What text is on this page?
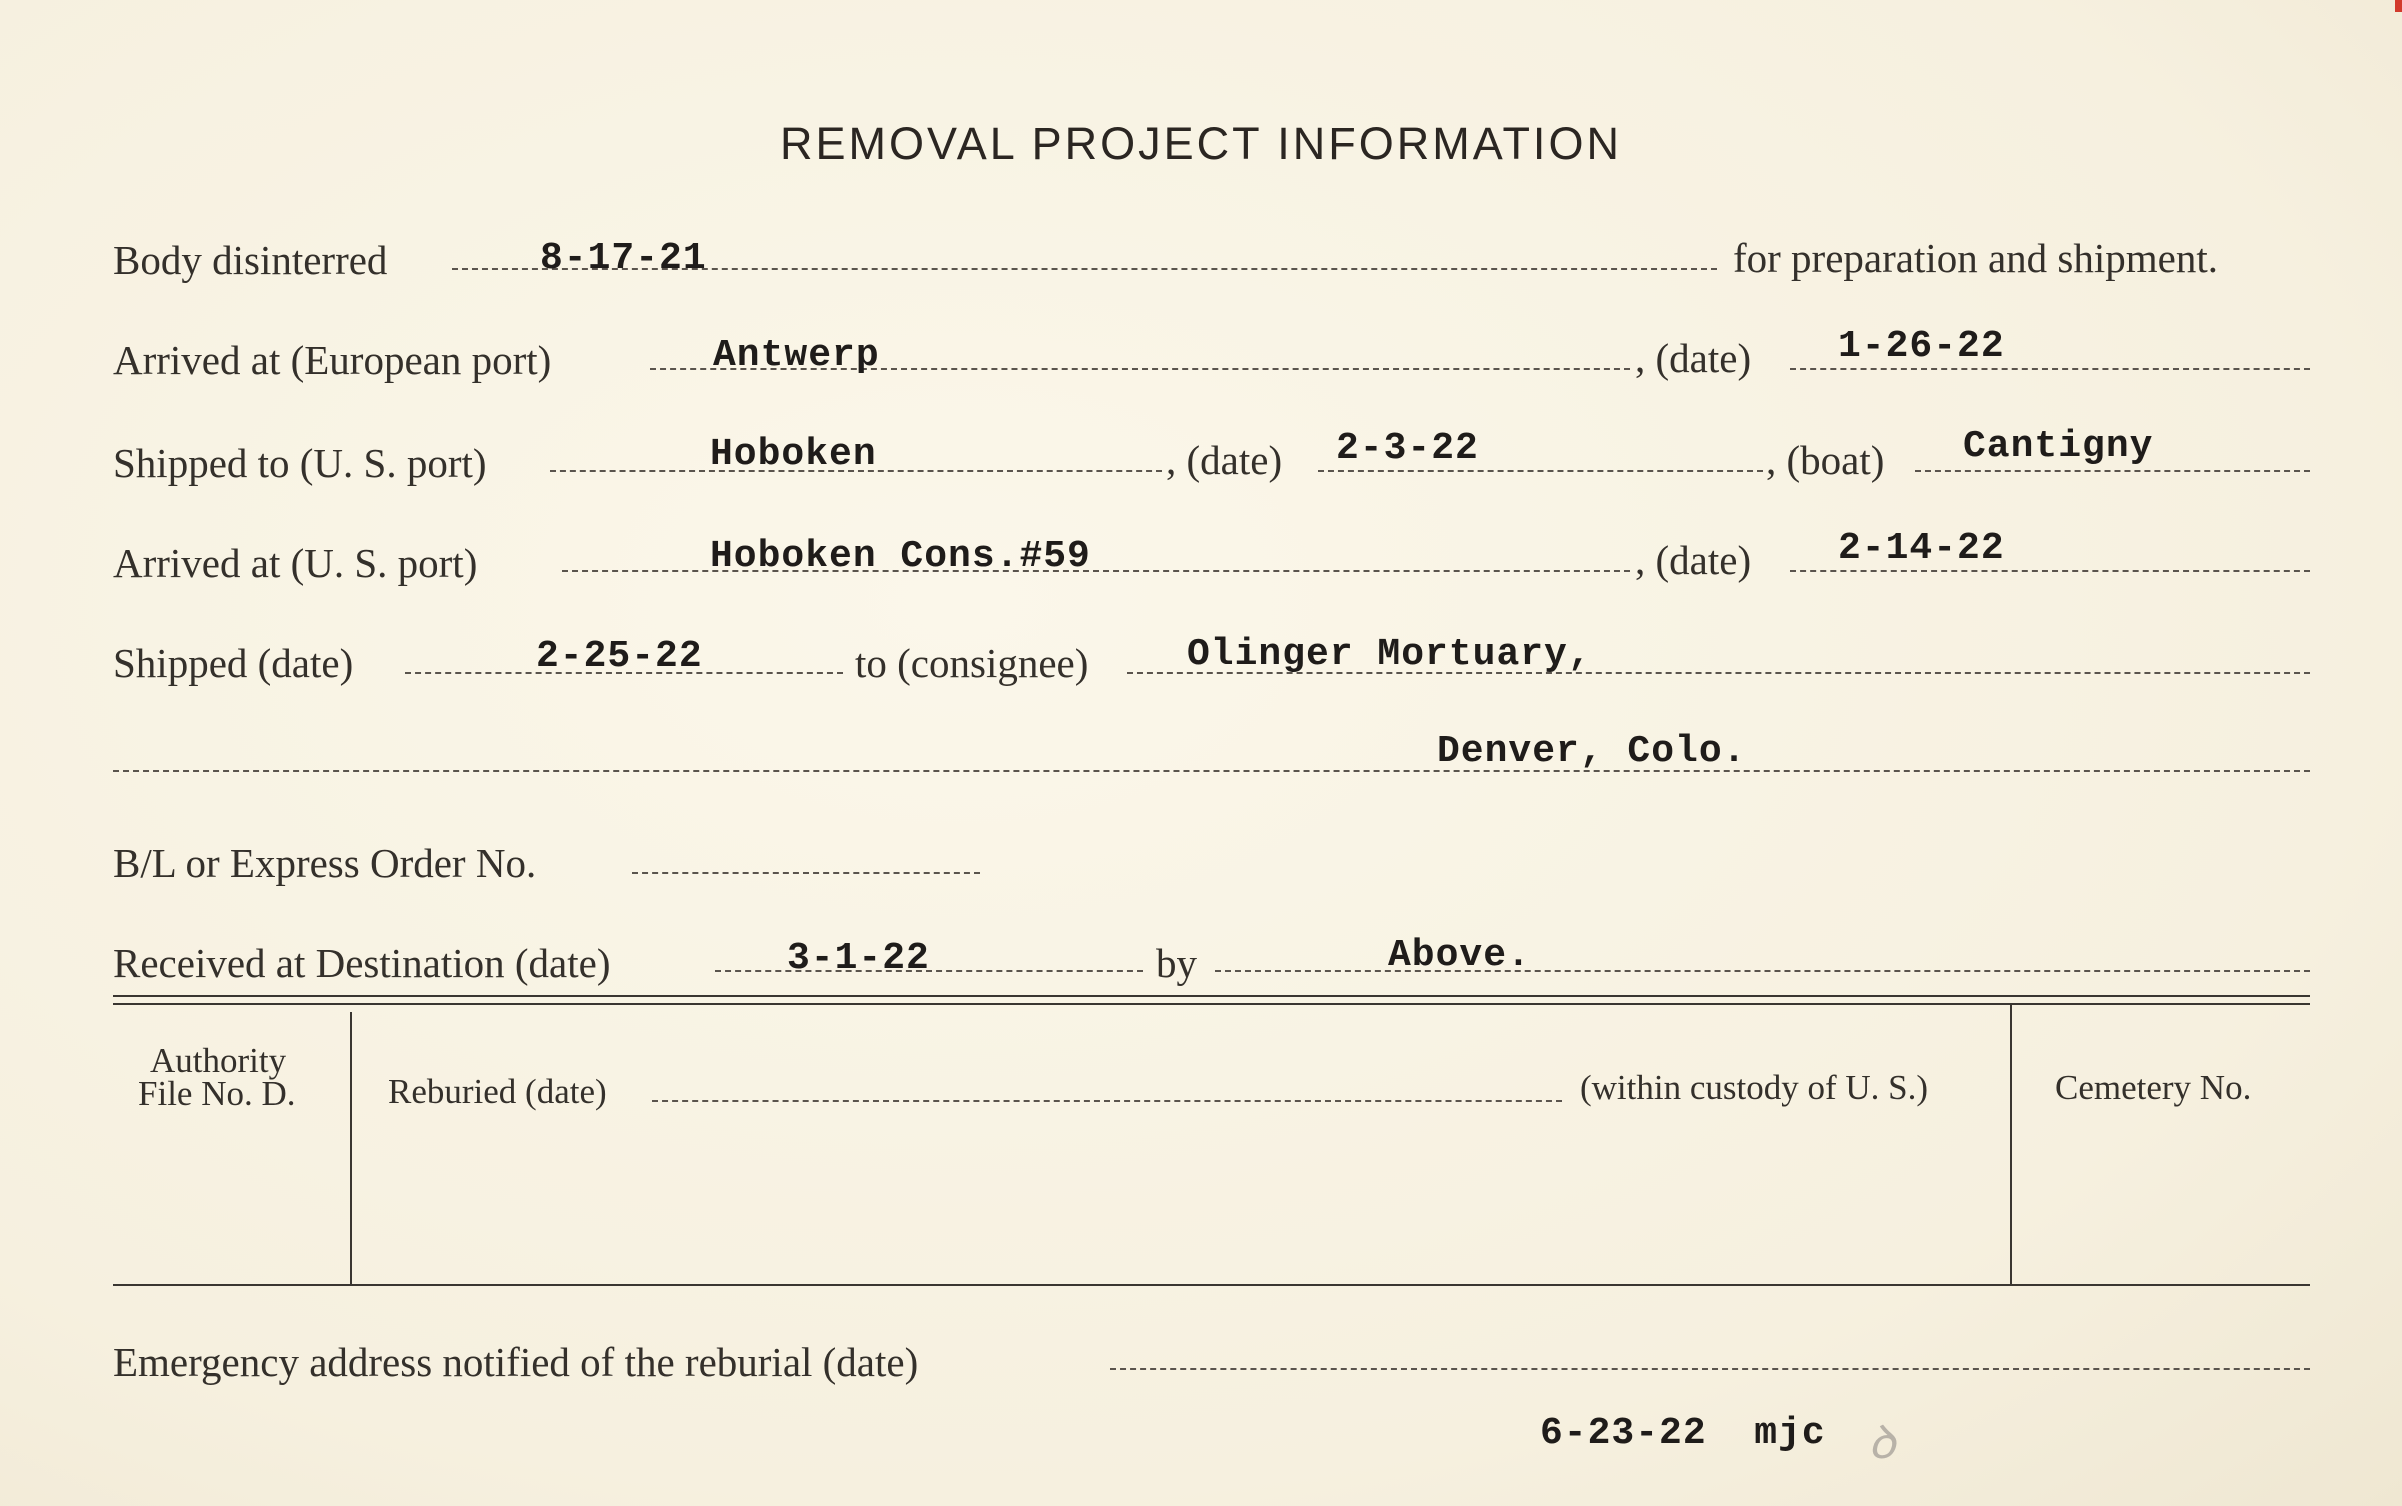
REMOVAL PROJECT INFORMATION
Body disinterred	8-17-21	for preparation and shipment.
Arrived at (European port)	Antwerp	, (date) 1-26-22
Shipped to (U. S. port)	Hoboken	, (date) 2-3-22	, (boat) Cantigny
Arrived at (U. S. port)	Hoboken Cons.#59	, (date) 2-14-22
Shipped (date)	2-25-22	to (consignee)	Olinger Mortuary,
Denver, Colo.
B/L or Express Order No.
Received at Destination (date)	3-1-22	by	Above.
Authority
File No. D.	Reburied (date)	(within custody of U. S.)	Cemetery No.
Emergency address notified of the reburial (date)
6-23-22  mjc ꝺ
